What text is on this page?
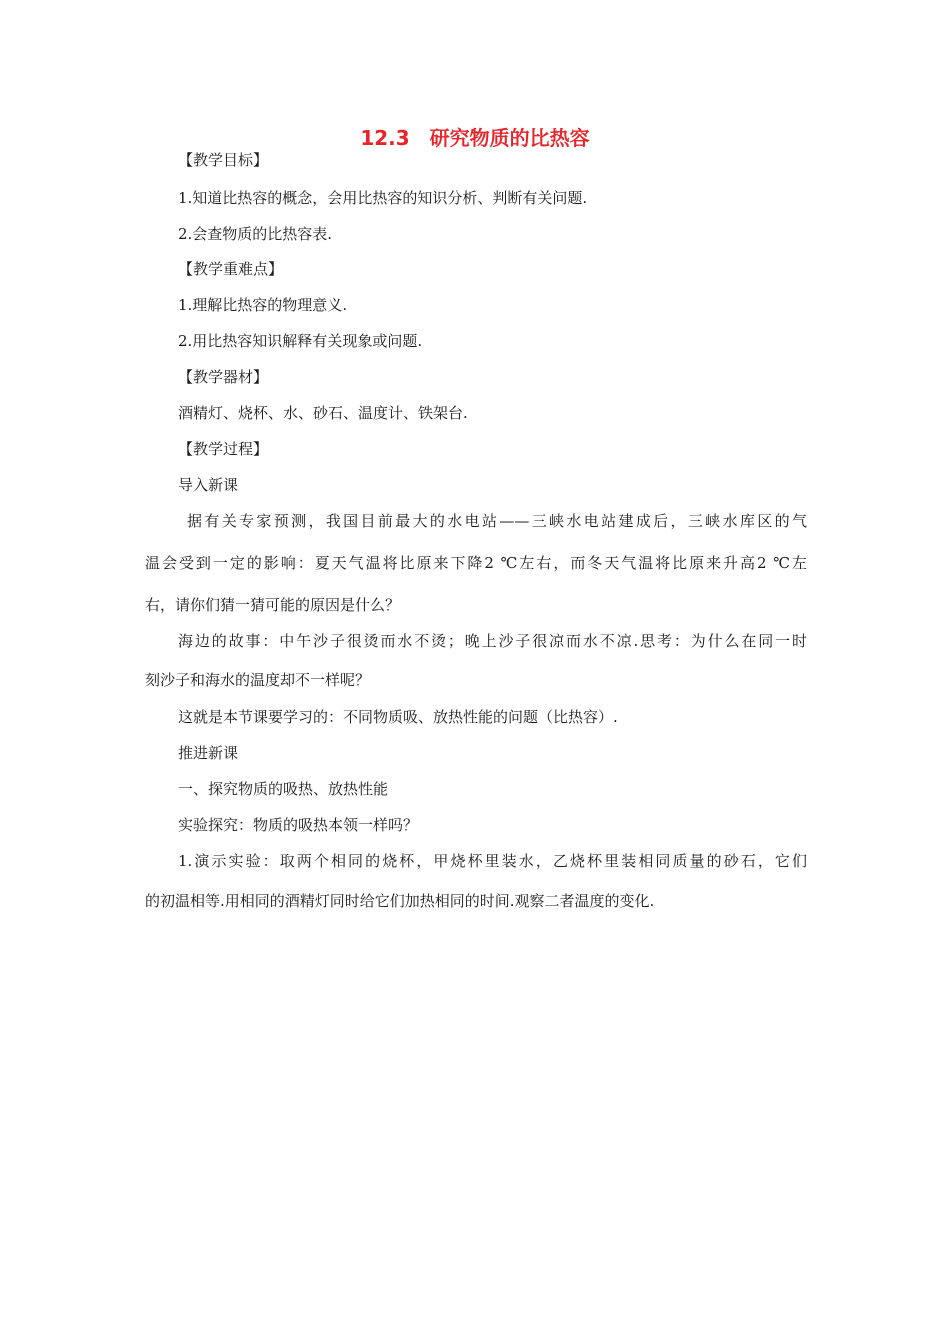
12.3　研究物质的比热容
【教学目标】
1.知道比热容的概念，会用比热容的知识分析、判断有关问题.
2.会查物质的比热容表.
【教学重难点】
1.理解比热容的物理意义.
2.用比热容知识解释有关现象或问题.
【教学器材】
酒精灯、烧杯、水、砂石、温度计、铁架台.
【教学过程】
导入新课
据有关专家预测，我国目前最大的水电站——三峡水电站建成后，三峡水库区的气
温会受到一定的影响：夏天气温将比原来下降2 ℃左右，而冬天气温将比原来升高2 ℃左
右，请你们猜一猜可能的原因是什么？
海边的故事：中午沙子很烫而水不烫；晚上沙子很凉而水不凉.思考：为什么在同一时
刻沙子和海水的温度却不一样呢？
这就是本节课要学习的：不同物质吸、放热性能的问题（比热容）.
推进新课
一、探究物质的吸热、放热性能
实验探究：物质的吸热本领一样吗？
1.演示实验：取两个相同的烧杯，甲烧杯里装水，乙烧杯里装相同质量的砂石，它们
的初温相等.用相同的酒精灯同时给它们加热相同的时间.观察二者温度的变化.
